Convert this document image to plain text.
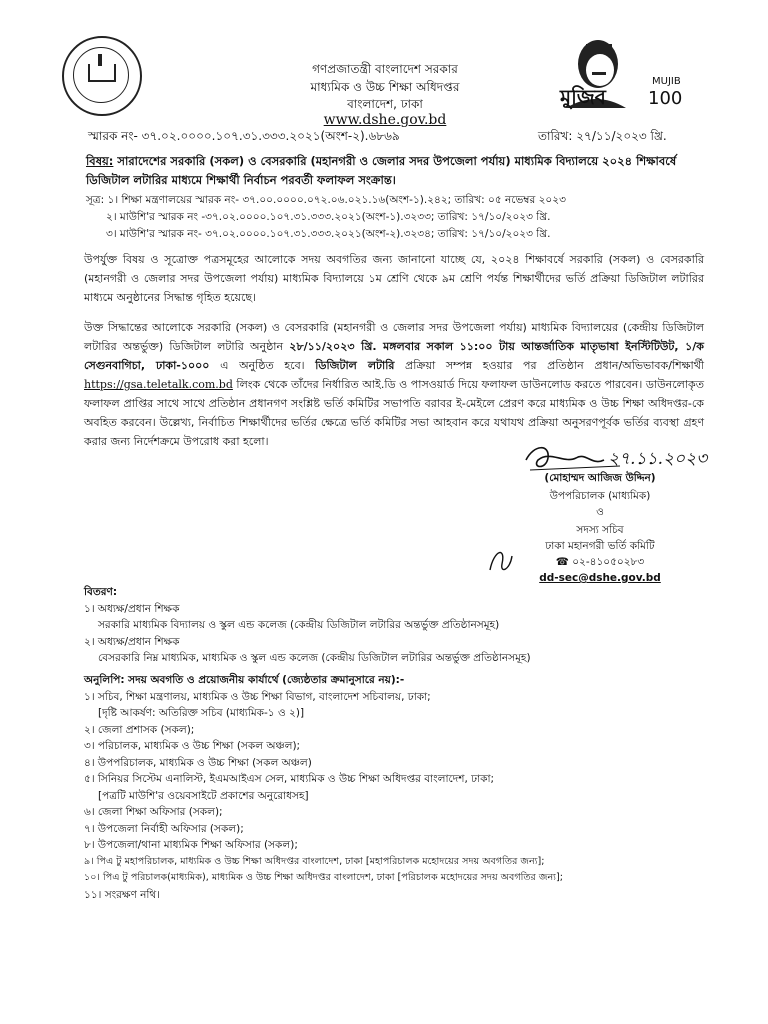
মুজিব
MUJIB
100
গণপ্রজাতন্ত্রী বাংলাদেশ সরকার
মাধ্যমিক ও উচ্চ শিক্ষা অধিদপ্তর
বাংলাদেশ, ঢাকা
www.dshe.gov.bd
স্মারক নং- ৩৭.০২.০০০০.১০৭.৩১.৩৩৩.২০২১(অংশ-২).৬৮৬৯	তারিখ: ২৭/১১/২০২৩ খ্রি.
বিষয়: সারাদেশের সরকারি (সকল) ও বেসরকারি (মহানগরী ও জেলার সদর উপজেলা পর্যায়) মাধ্যমিক বিদ্যালয়ে ২০২৪ শিক্ষাবর্ষে ডিজিটাল লটারির মাধ্যমে শিক্ষার্থী নির্বাচন পরবর্তী ফলাফল সংক্রান্ত।
সূত্র: ১। শিক্ষা মন্ত্রণালয়ের স্মারক নং- ৩৭.০০.০০০০.০৭২.০৬.০২১.১৬(অংশ-১).২৪২; তারিখ: ০৫ নভেম্বর ২০২৩
২। মাউশি'র স্মারক নং -৩৭.০২.০০০০.১০৭.৩১.৩৩৩.২০২১(অংশ-১).৩২৩৩; তারিখ: ১৭/১০/২০২৩ খ্রি.
৩। মাউশি'র স্মারক নং- ৩৭.০২.০০০০.১০৭.৩১.৩৩৩.২০২১(অংশ-২).৩২৩৪; তারিখ: ১৭/১০/২০২৩ খ্রি.
উপর্যুক্ত বিষয় ও সূত্রোক্ত পত্রসমূহের আলোকে সদয় অবগতির জন্য জানানো যাচ্ছে যে, ২০২৪ শিক্ষাবর্ষে সরকারি (সকল) ও বেসরকারি (মহানগরী ও জেলার সদর উপজেলা পর্যায়) মাধ্যমিক বিদ্যালয়ে ১ম শ্রেণি থেকে ৯ম শ্রেণি পর্যন্ত শিক্ষার্থীদের ভর্তি প্রক্রিয়া ডিজিটাল লটারির মাধ্যমে অনুষ্ঠানের সিদ্ধান্ত গৃহিত হয়েছে।
উক্ত সিদ্ধান্তের আলোকে সরকারি (সকল) ও বেসরকারি (মহানগরী ও জেলার সদর উপজেলা পর্যায়) মাধ্যমিক বিদ্যালয়ের (কেন্দ্রীয় ডিজিটাল লটারির অন্তর্ভুক্ত) ডিজিটাল লটারি অনুষ্ঠান ২৮/১১/২০২৩ খ্রি. মঙ্গলবার সকাল ১১:০০ টায় আন্তর্জাতিক মাতৃভাষা ইনস্টিটিউট, ১/ক সেগুনবাগিচা, ঢাকা-১০০০ এ অনুষ্ঠিত হবে। ডিজিটাল লটারি প্রক্রিয়া সম্পন্ন হওয়ার পর প্রতিষ্ঠান প্রধান/অভিভাবক/শিক্ষার্থী https://gsa.teletalk.com.bd লিংক থেকে তাঁদের নির্ধারিত আই.ডি ও পাসওয়ার্ড দিয়ে ফলাফল ডাউনলোড করতে পারবেন। ডাউনলোকৃত ফলাফল প্রাপ্তির সাথে সাথে প্রতিষ্ঠান প্রধানগণ সংশ্লিষ্ট ভর্তি কমিটির সভাপতি বরাবর ই-মেইলে প্রেরণ করে মাধ্যমিক ও উচ্চ শিক্ষা অধিদপ্তর-কে অবহিত করবেন। উল্লেখ্য, নির্বাচিত শিক্ষার্থীদের ভর্তির ক্ষেত্রে ভর্তি কমিটির সভা আহবান করে যথাযথ প্রক্রিয়া অনুসরণপূর্বক ভর্তির ব্যবস্থা গ্রহণ করার জন্য নির্দেশক্রমে উপরোধ করা হলো।
২৭.১১.২০২৩
(মোহাম্মদ আজিজ উদ্দিন)
উপপরিচালক (মাধ্যমিক)
ও
সদস্য সচিব
ঢাকা মহানগরী ভর্তি কমিটি
☎ ০২-৪১০৫০২৮৩
dd-sec@dshe.gov.bd
বিতরণ:
১। অধ্যক্ষ/প্রধান শিক্ষক
সরকারি মাধ্যমিক বিদ্যালয় ও স্কুল এন্ড কলেজ (কেন্দ্রীয় ডিজিটাল লটারির অন্তর্ভুক্ত প্রতিষ্ঠানসমূহ)
২। অধ্যক্ষ/প্রধান শিক্ষক
বেসরকারি নিম্ন মাধ্যমিক, মাধ্যমিক ও স্কুল এন্ড কলেজ (কেন্দ্রীয় ডিজিটাল লটারির অন্তর্ভুক্ত প্রতিষ্ঠানসমূহ)
অনুলিপি: সদয় অবগতি ও প্রয়োজনীয় কার্যার্থে (জ্যেষ্ঠতার ক্রমানুসারে নয়):-
১। সচিব, শিক্ষা মন্ত্রণালয়, মাধ্যমিক ও উচ্চ শিক্ষা বিভাগ, বাংলাদেশ সচিবালয়, ঢাকা;
[দৃষ্টি আকর্ষণ: অতিরিক্ত সচিব (মাধ্যমিক-১ ও ২)]
২। জেলা প্রশাসক (সকল);
৩। পরিচালক, মাধ্যমিক ও উচ্চ শিক্ষা (সকল অঞ্চল);
৪। উপপরিচালক, মাধ্যমিক ও উচ্চ শিক্ষা (সকল অঞ্চল)
৫। সিনিয়র সিস্টেম এনালিস্ট, ইএমআইএস সেল, মাধ্যমিক ও উচ্চ শিক্ষা অধিদপ্তর বাংলাদেশ, ঢাকা;
[পত্রটি মাউশি'র ওয়েবসাইটে প্রকাশের অনুরোধসহ]
৬। জেলা শিক্ষা অফিসার (সকল);
৭। উপজেলা নির্বাহী অফিসার (সকল);
৮। উপজেলা/থানা মাধ্যমিক শিক্ষা অফিসার (সকল);
৯। পিএ টু মহাপরিচালক, মাধ্যমিক ও উচ্চ শিক্ষা অধিদপ্তর বাংলাদেশ, ঢাকা [মহাপরিচালক মহোদয়ের সদয় অবগতির জন্য];
১০। পিএ টু পরিচালক(মাধ্যমিক), মাধ্যমিক ও উচ্চ শিক্ষা অধিদপ্তর বাংলাদেশ, ঢাকা [পরিচালক মহোদয়ের সদয় অবগতির জন্য];
১১। সংরক্ষণ নথি।
